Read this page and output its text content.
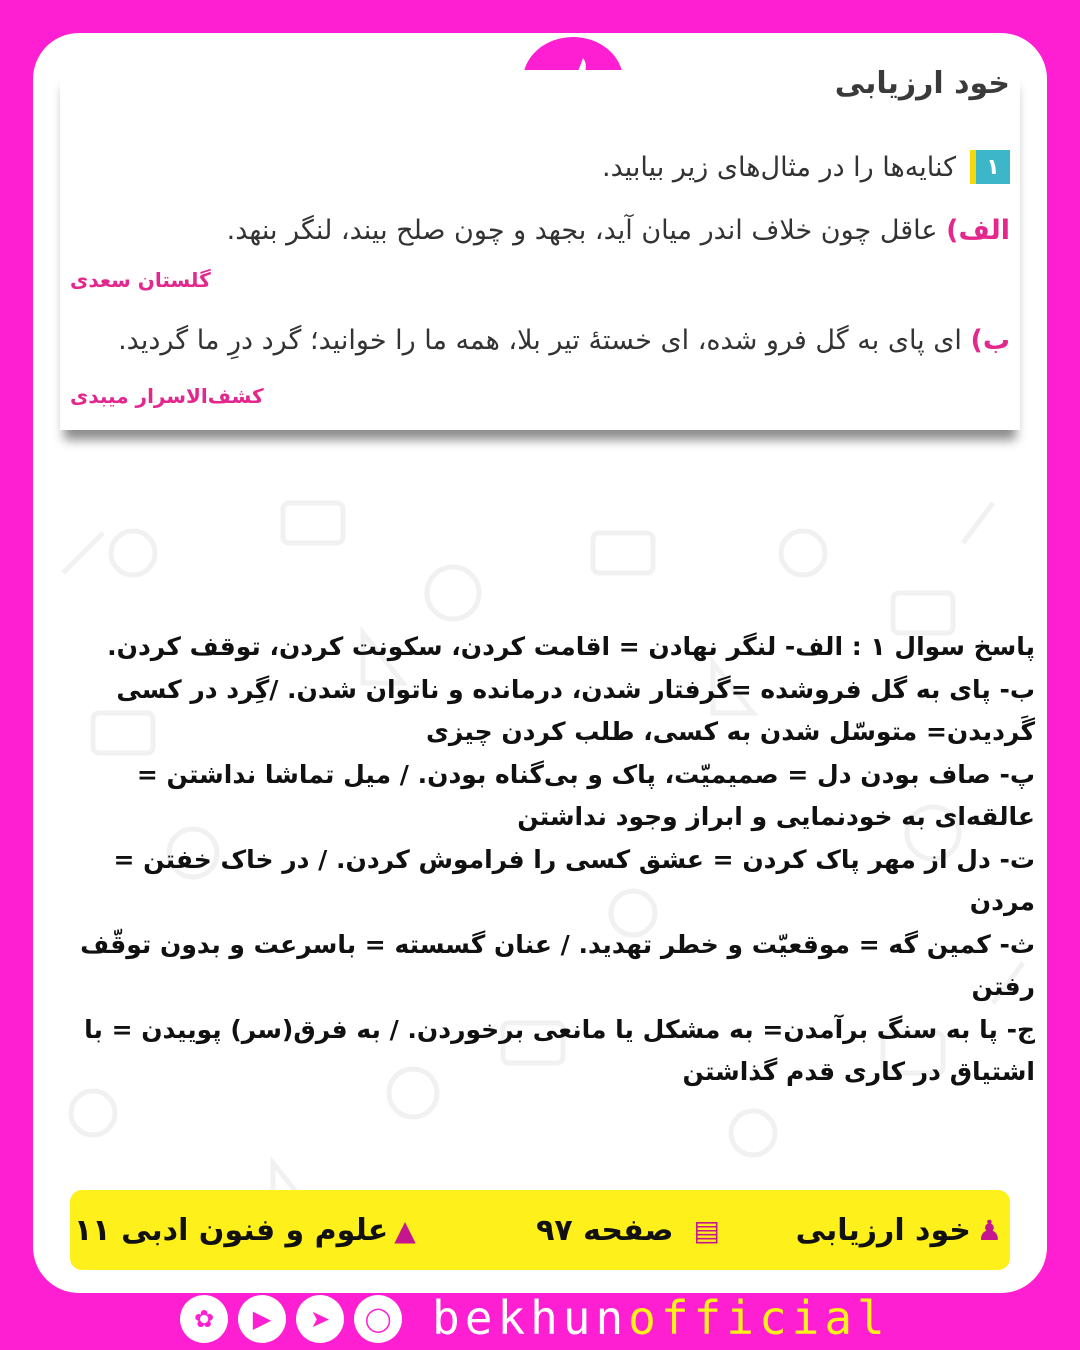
خود ارزیابی
۱
کنایه‌ها را در مثال‌های زیر بیابید.
الف) عاقل چون خلاف اندر میان آید، بجهد و چون صلح بیند، لنگر بنهد.
گلستان سعدی
ب) ای پای به گل فرو شده، ای خستهٔ تیر بلا، همه ما را خوانید؛ گرد درِ ما گردید.
کشف‌الاسرار میبدی

پاسخ سوال ۱ : الف- لنگر نهادن = اقامت کردن، سکونت کردن، توقف کردن.

ب- پای به گل فروشده =گرفتار شدن، درمانده و ناتوان شدن. /گِرد در کسی گَردیدن= متوسّل شدن به کسی، طلب کردن چیزی

پ- صاف بودن دل = صمیمیّت، پاک و بی‌گناه بودن. / میل تماشا نداشتن = عالقه‌ای به خودنمایی و ابراز وجود نداشتن

ت- دل از مهر پاک کردن = عشق کسی را فراموش کردن. / در خاک خفتن = مردن

ث- کمین گه = موقعیّت و خطر تهدید. / عنان گسسته = باسرعت و بدون توقّف رفتن

ج- پا به سنگ برآمدن= به مشکل یا مانعی برخوردن. / به فرق(سر) پوییدن = با اشتیاق در کاری قدم گذاشتن

♟
خود ارزیابی
▤
صفحه ۹۷
▲
علوم و فنون ادبی ۱۱
✿	▶	➤	◯ bekhun official
